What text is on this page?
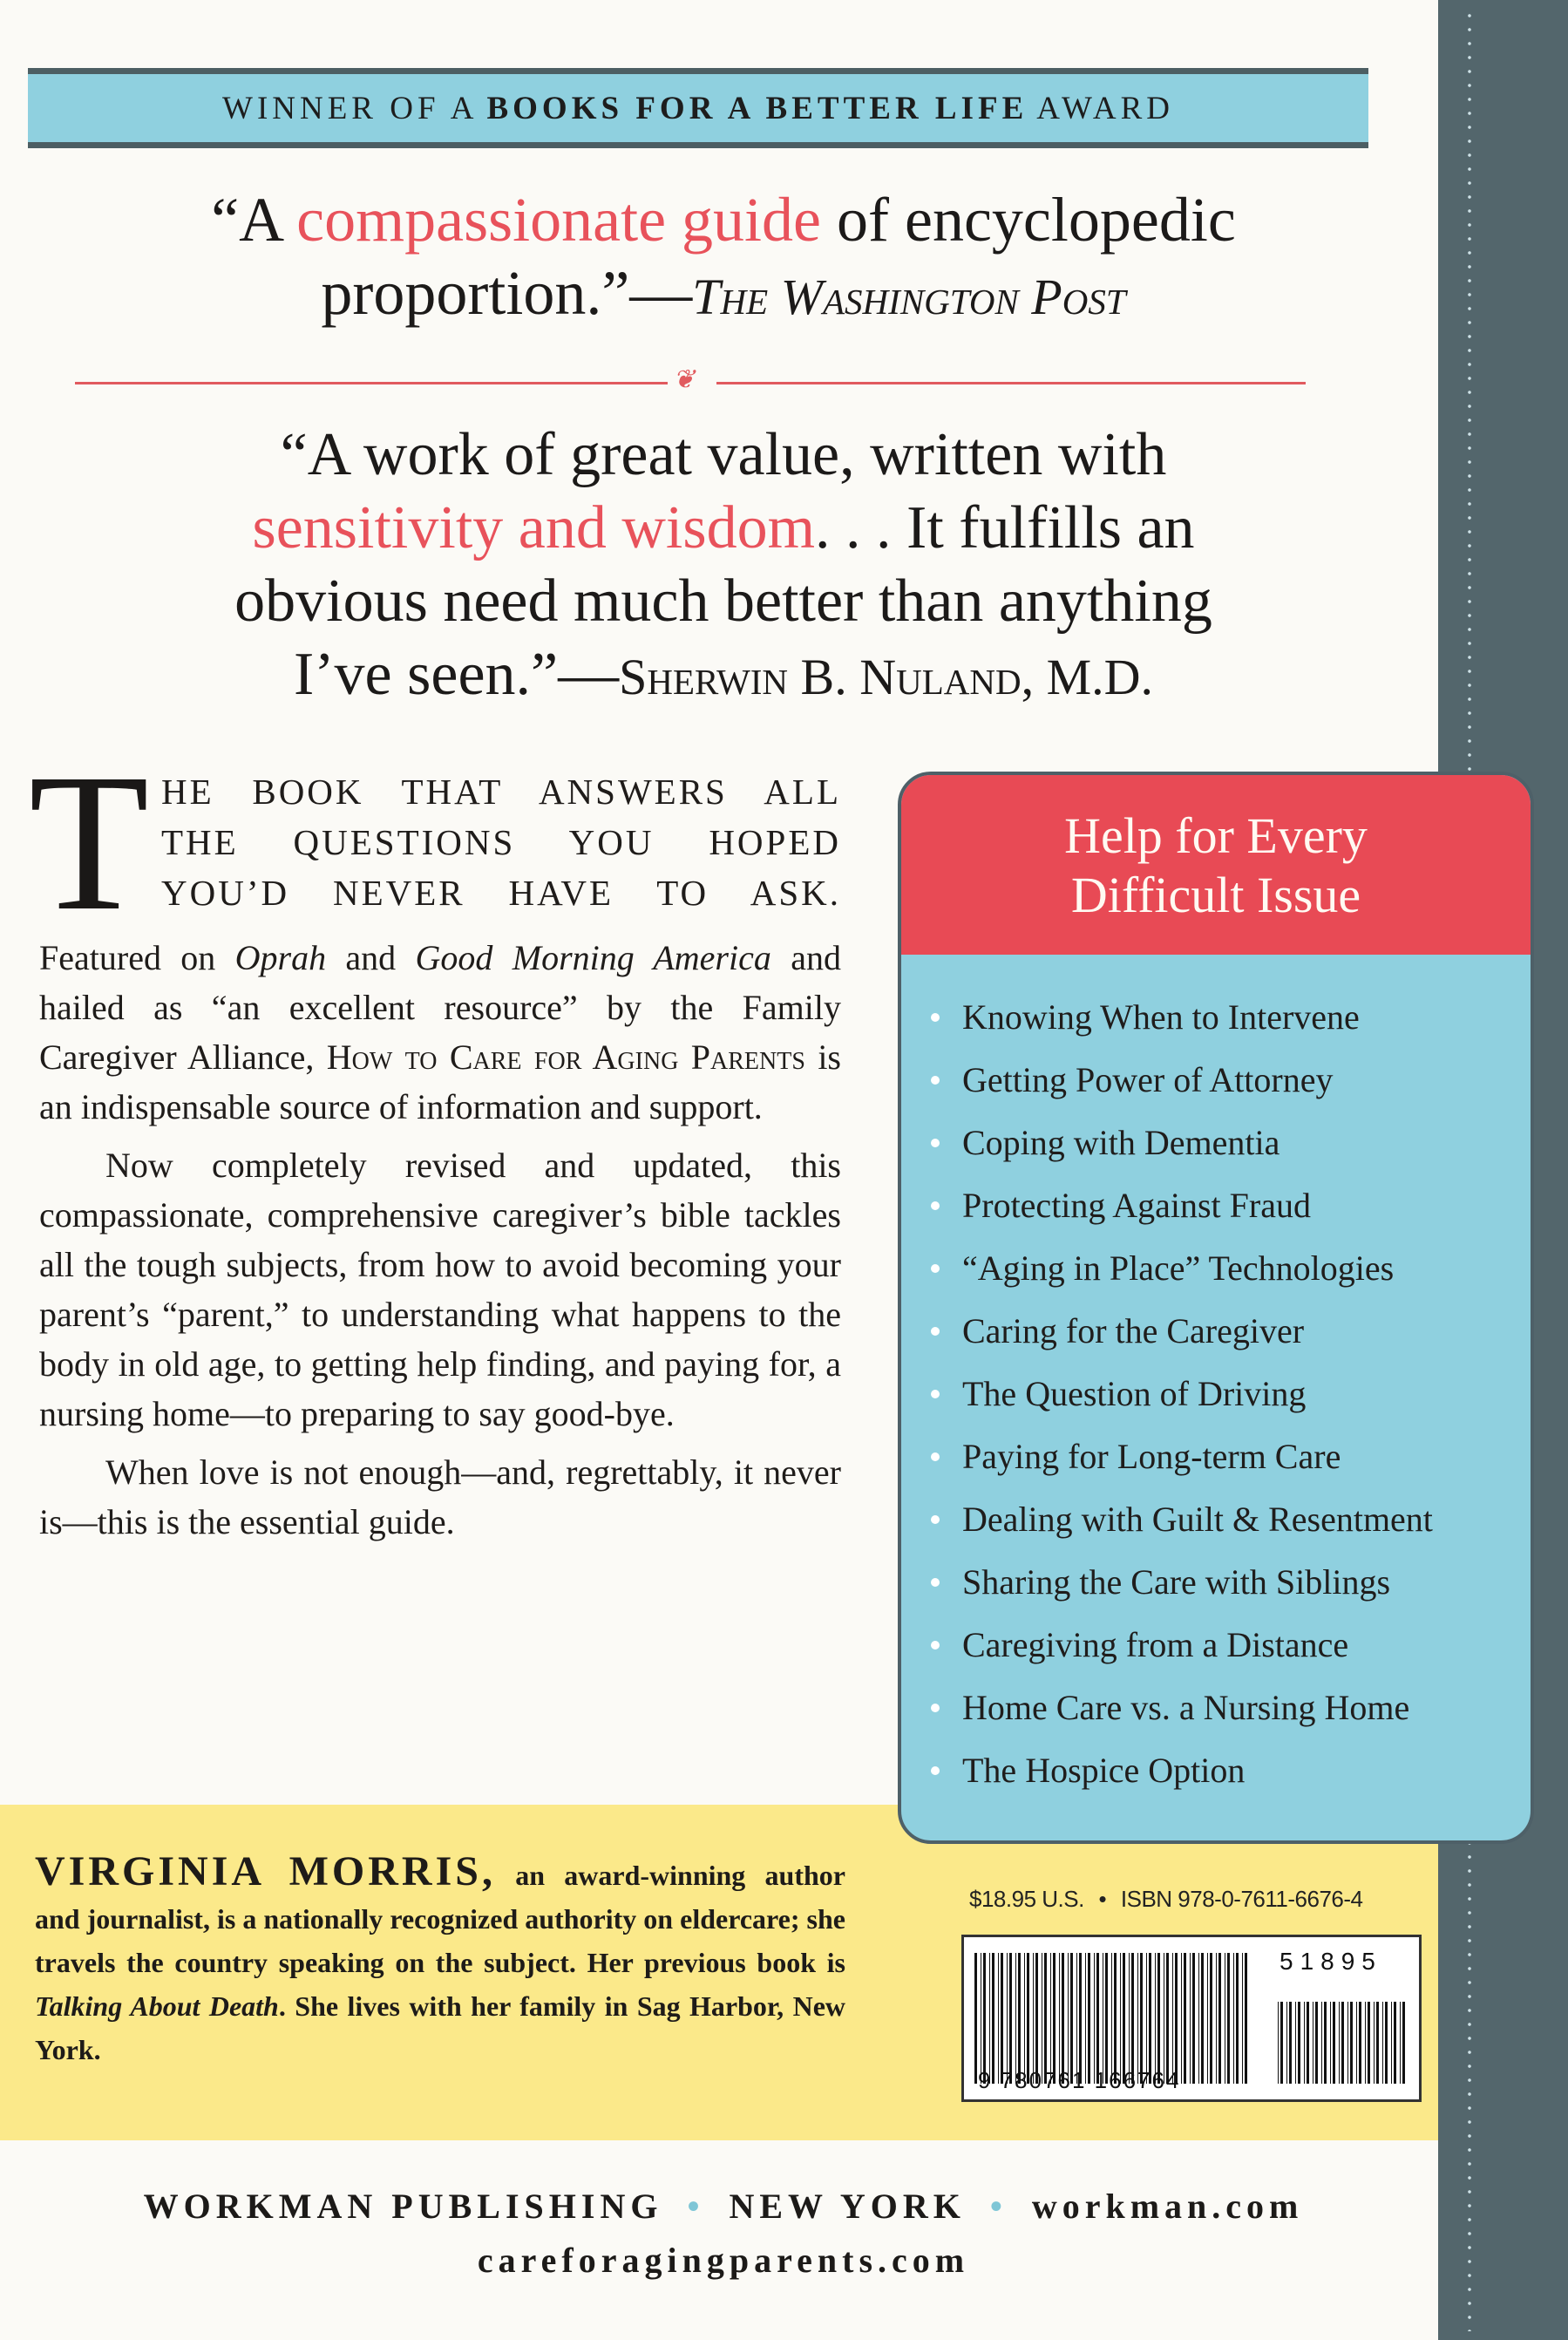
WINNER OF A BOOKS FOR A BETTER LIFE AWARD
“A compassionate guide of encyclopedic
proportion.”—The Washington Post
❦
“A work of great value, written with
sensitivity and wisdom. . . It fulfills an
obvious need much better than anything
I’ve seen.”—Sherwin B. Nuland, M.D.
T HE BOOK THAT ANSWERS ALL
THE QUESTIONS YOU HOPED
YOU’D NEVER HAVE TO ASK.

Featured on Oprah and Good Morning America and hailed as “an excellent resource” by the Family Caregiver Alliance, How to Care for Aging Parents is an indispensable source of information and support.

Now completely revised and updated, this compassionate, comprehensive caregiver’s bible tackles all the tough subjects, from how to avoid becoming your parent’s “parent,” to understanding what happens to the body in old age, to getting help finding, and paying for, a nursing home—to preparing to say good-bye.

When love is not enough—and, regrettably, it never is—this is the essential guide.

Help for Every
Difficult Issue
Knowing When to Intervene
Getting Power of Attorney
Coping with Dementia
Protecting Against Fraud
“Aging in Place” Technologies
Caring for the Caregiver
The Question of Driving
Paying for Long-term Care
Dealing with Guilt & Resentment
Sharing the Care with Siblings
Caregiving from a Distance
Home Care vs. a Nursing Home
The Hospice Option
VIRGINIA MORRIS, an award-winning author and journalist, is a nationally recognized authority on eldercare; she travels the country speaking on the subject. Her previous book is Talking About Death. She lives with her family in Sag Harbor, New York.
$18.95 U.S. • ISBN 978-0-7611-6676-4
9 780761 166764
51895
WORKMAN PUBLISHING • NEW YORK • workman.com
careforagingparents.com
